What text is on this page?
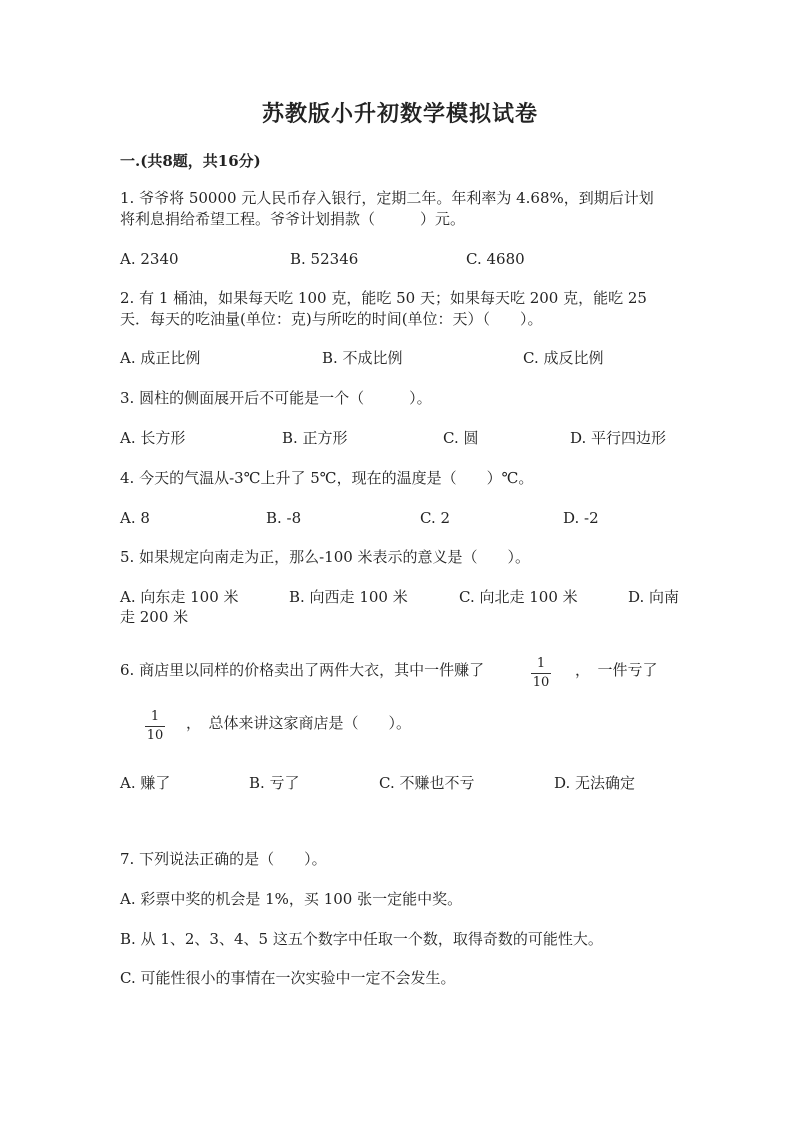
苏教版小升初数学模拟试卷
一.(共8题，共16分)
1. 爷爷将 50000 元人民币存入银行，定期二年。年利率为 4.68%，到期后计划
将利息捐给希望工程。爷爷计划捐款（　　　）元。
A. 2340	B. 52346	C. 4680
2. 有 1 桶油，如果每天吃 100 克，能吃 50 天；如果每天吃 200 克，能吃 25
天．每天的吃油量(单位：克)与所吃的时间(单位：天）（　　）。
A. 成正比例	B. 不成比例	C. 成反比例
3. 圆柱的侧面展开后不可能是一个（　　　）。
A. 长方形	B. 正方形	C. 圆	D. 平行四边形
4. 今天的气温从-3℃上升了 5℃，现在的温度是（　　）℃。
A. 8	B. -8	C. 2	D. -2
5. 如果规定向南走为正，那么-100 米表示的意义是（　　）。
A. 向东走 100 米	B. 向西走 100 米	C. 向北走 100 米	D. 向南
走 200 米
6. 商店里以同样的价格卖出了两件大衣，其中一件赚了	1
10
，　一件亏了
1
10
，　总体来讲这家商店是（　　）。
A. 赚了	B. 亏了	C. 不赚也不亏	D. 无法确定
7. 下列说法正确的是（　　）。
A. 彩票中奖的机会是 1%，买 100 张一定能中奖。
B. 从 1、2、3、4、5 这五个数字中任取一个数，取得奇数的可能性大。
C. 可能性很小的事情在一次实验中一定不会发生。
